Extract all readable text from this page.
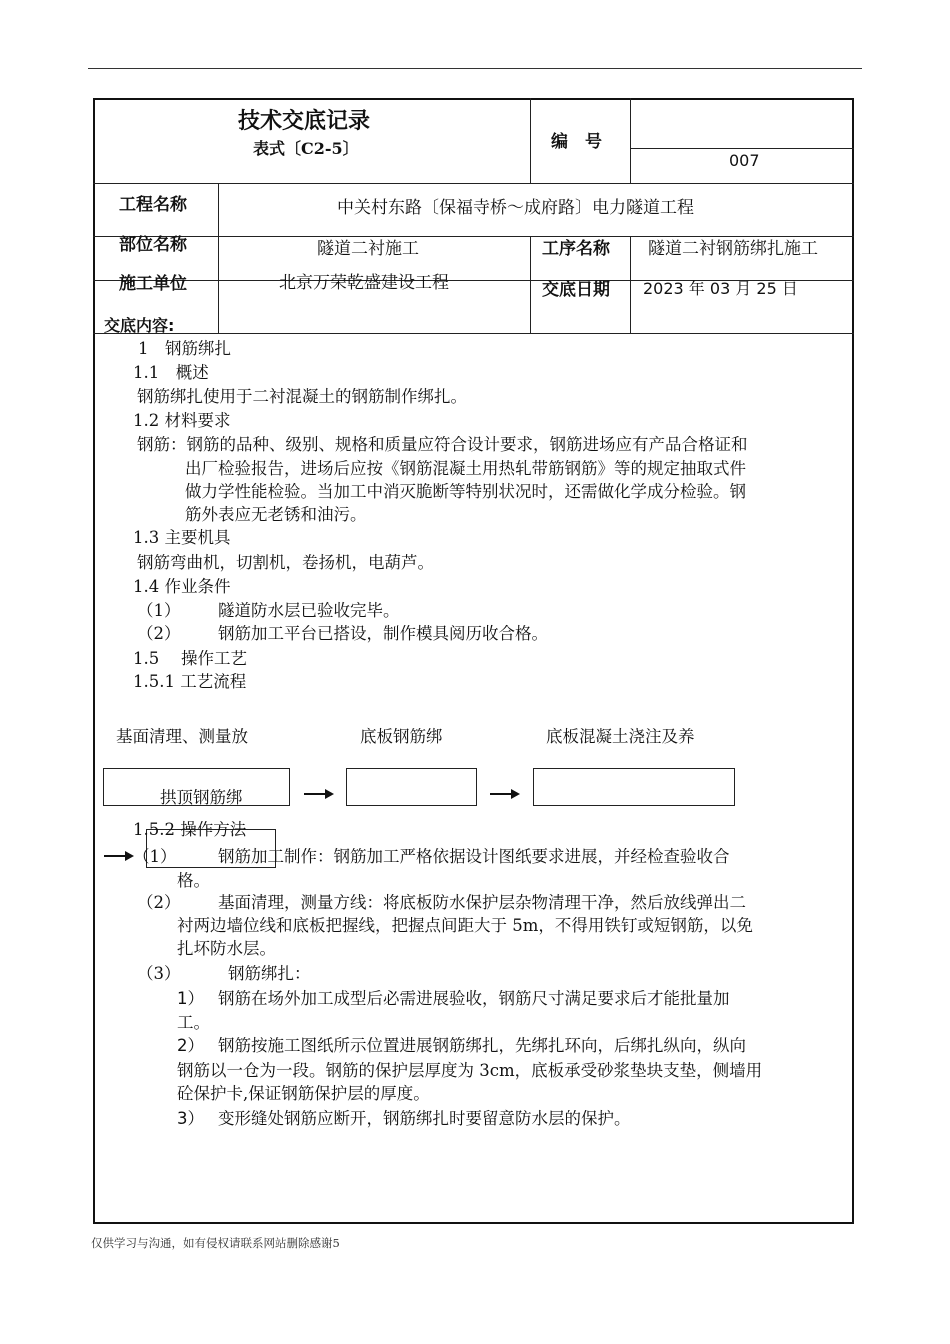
技术交底记录
表式〔C2-5〕	编　号
007
工程名称	中关村东路〔保福寺桥～成府路〕电力隧道工程
部位名称	隧道二衬施工	工序名称 隧道二衬钢筋绑扎施工
施工单位	北京万荣乾盛建设工程	交底日期 2023 年 03 月 25 日
交底内容:
1　钢筋绑扎
1.1　概述
钢筋绑扎使用于二衬混凝土的钢筋制作绑扎。
1.2 材料要求
钢筋：钢筋的品种、级别、规格和质量应符合设计要求，钢筋进场应有产品合格证和
出厂检验报告，进场后应按《钢筋混凝土用热轧带筋钢筋》等的规定抽取式件
做力学性能检验。当加工中消灭脆断等特别状况时，还需做化学成分检验。钢
筋外表应无老锈和油污。
1.3 主要机具
钢筋弯曲机，切割机，卷扬机，电葫芦。
1.4 作业条件
（1） 隧道防水层已验收完毕。
（2） 钢筋加工平台已搭设，制作模具阅历收合格。
1.5　 操作工艺
1.5.1 工艺流程
基面清理、测量放	底板钢筋绑	底板混凝土浇注及养
拱顶钢筋绑
1.5.2 操作方法
（1）	钢筋加工制作：钢筋加工严格依据设计图纸要求进展，并经检查验收合
格。
（2） 基面清理，测量方线：将底板防水保护层杂物清理干净，然后放线弹出二
衬两边墙位线和底板把握线，把握点间距大于 5m，不得用铁钉或短钢筋，以免
扎坏防水层。
（3）	钢筋绑扎：
1） 钢筋在场外加工成型后必需进展验收，钢筋尺寸满足要求后才能批量加
工。
2） 钢筋按施工图纸所示位置进展钢筋绑扎，先绑扎环向，后绑扎纵向，纵向
钢筋以一仓为一段。钢筋的保护层厚度为 3cm，底板承受砂浆垫块支垫，侧墙用
砼保护卡,保证钢筋保护层的厚度。
3） 变形缝处钢筋应断开，钢筋绑扎时要留意防水层的保护。
仅供学习与沟通，如有侵权请联系网站删除感谢5
